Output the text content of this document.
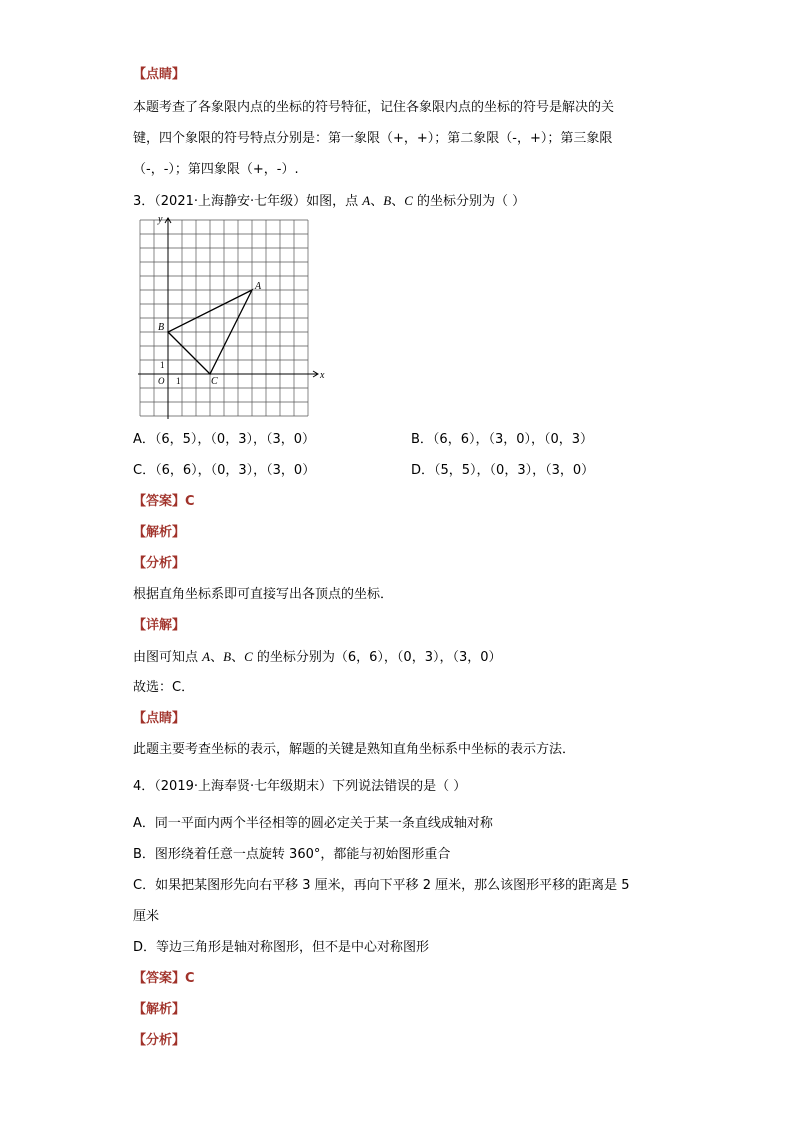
【点睛】
本题考查了各象限内点的坐标的符号特征，记住各象限内点的坐标的符号是解决的关
键，四个象限的符号特点分别是：第一象限（+，+）；第二象限（-，+）；第三象限
（-，-）；第四象限（+，-）.
3．（2021·上海静安·七年级）如图，点 A、B、C 的坐标分别为（ ）
y
x
O 1
1
A
B
C
A．（6，5），（0，3），（3，0）	B．（6，6），（3，0），（0，3）
C．（6，6），（0，3），（3，0）	D．（5，5），（0，3），（3，0）
【答案】C
【解析】
【分析】
根据直角坐标系即可直接写出各顶点的坐标．
【详解】
由图可知点 A、B、C 的坐标分别为（6，6），（0，3），（3，0）
故选：C．
【点睛】
此题主要考查坐标的表示，解题的关键是熟知直角坐标系中坐标的表示方法．
4．（2019·上海奉贤·七年级期末）下列说法错误的是（ ）
A．同一平面内两个半径相等的圆必定关于某一条直线成轴对称
B．图形绕着任意一点旋转 360°，都能与初始图形重合
C．如果把某图形先向右平移 3 厘米，再向下平移 2 厘米，那么该图形平移的距离是 5
厘米
D．等边三角形是轴对称图形，但不是中心对称图形
【答案】C
【解析】
【分析】
